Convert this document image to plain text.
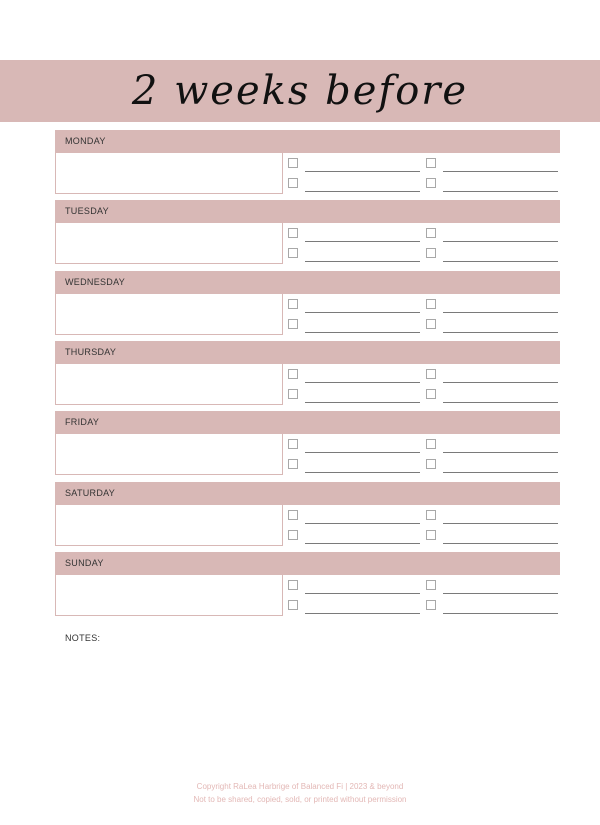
2 weeks before
MONDAY
TUESDAY
WEDNESDAY
THURSDAY
FRIDAY
SATURDAY
SUNDAY
NOTES:
Copyright RaLea Harbrige of Balanced Fi | 2023 & beyond
Not to be shared, copied, sold, or printed without permission
